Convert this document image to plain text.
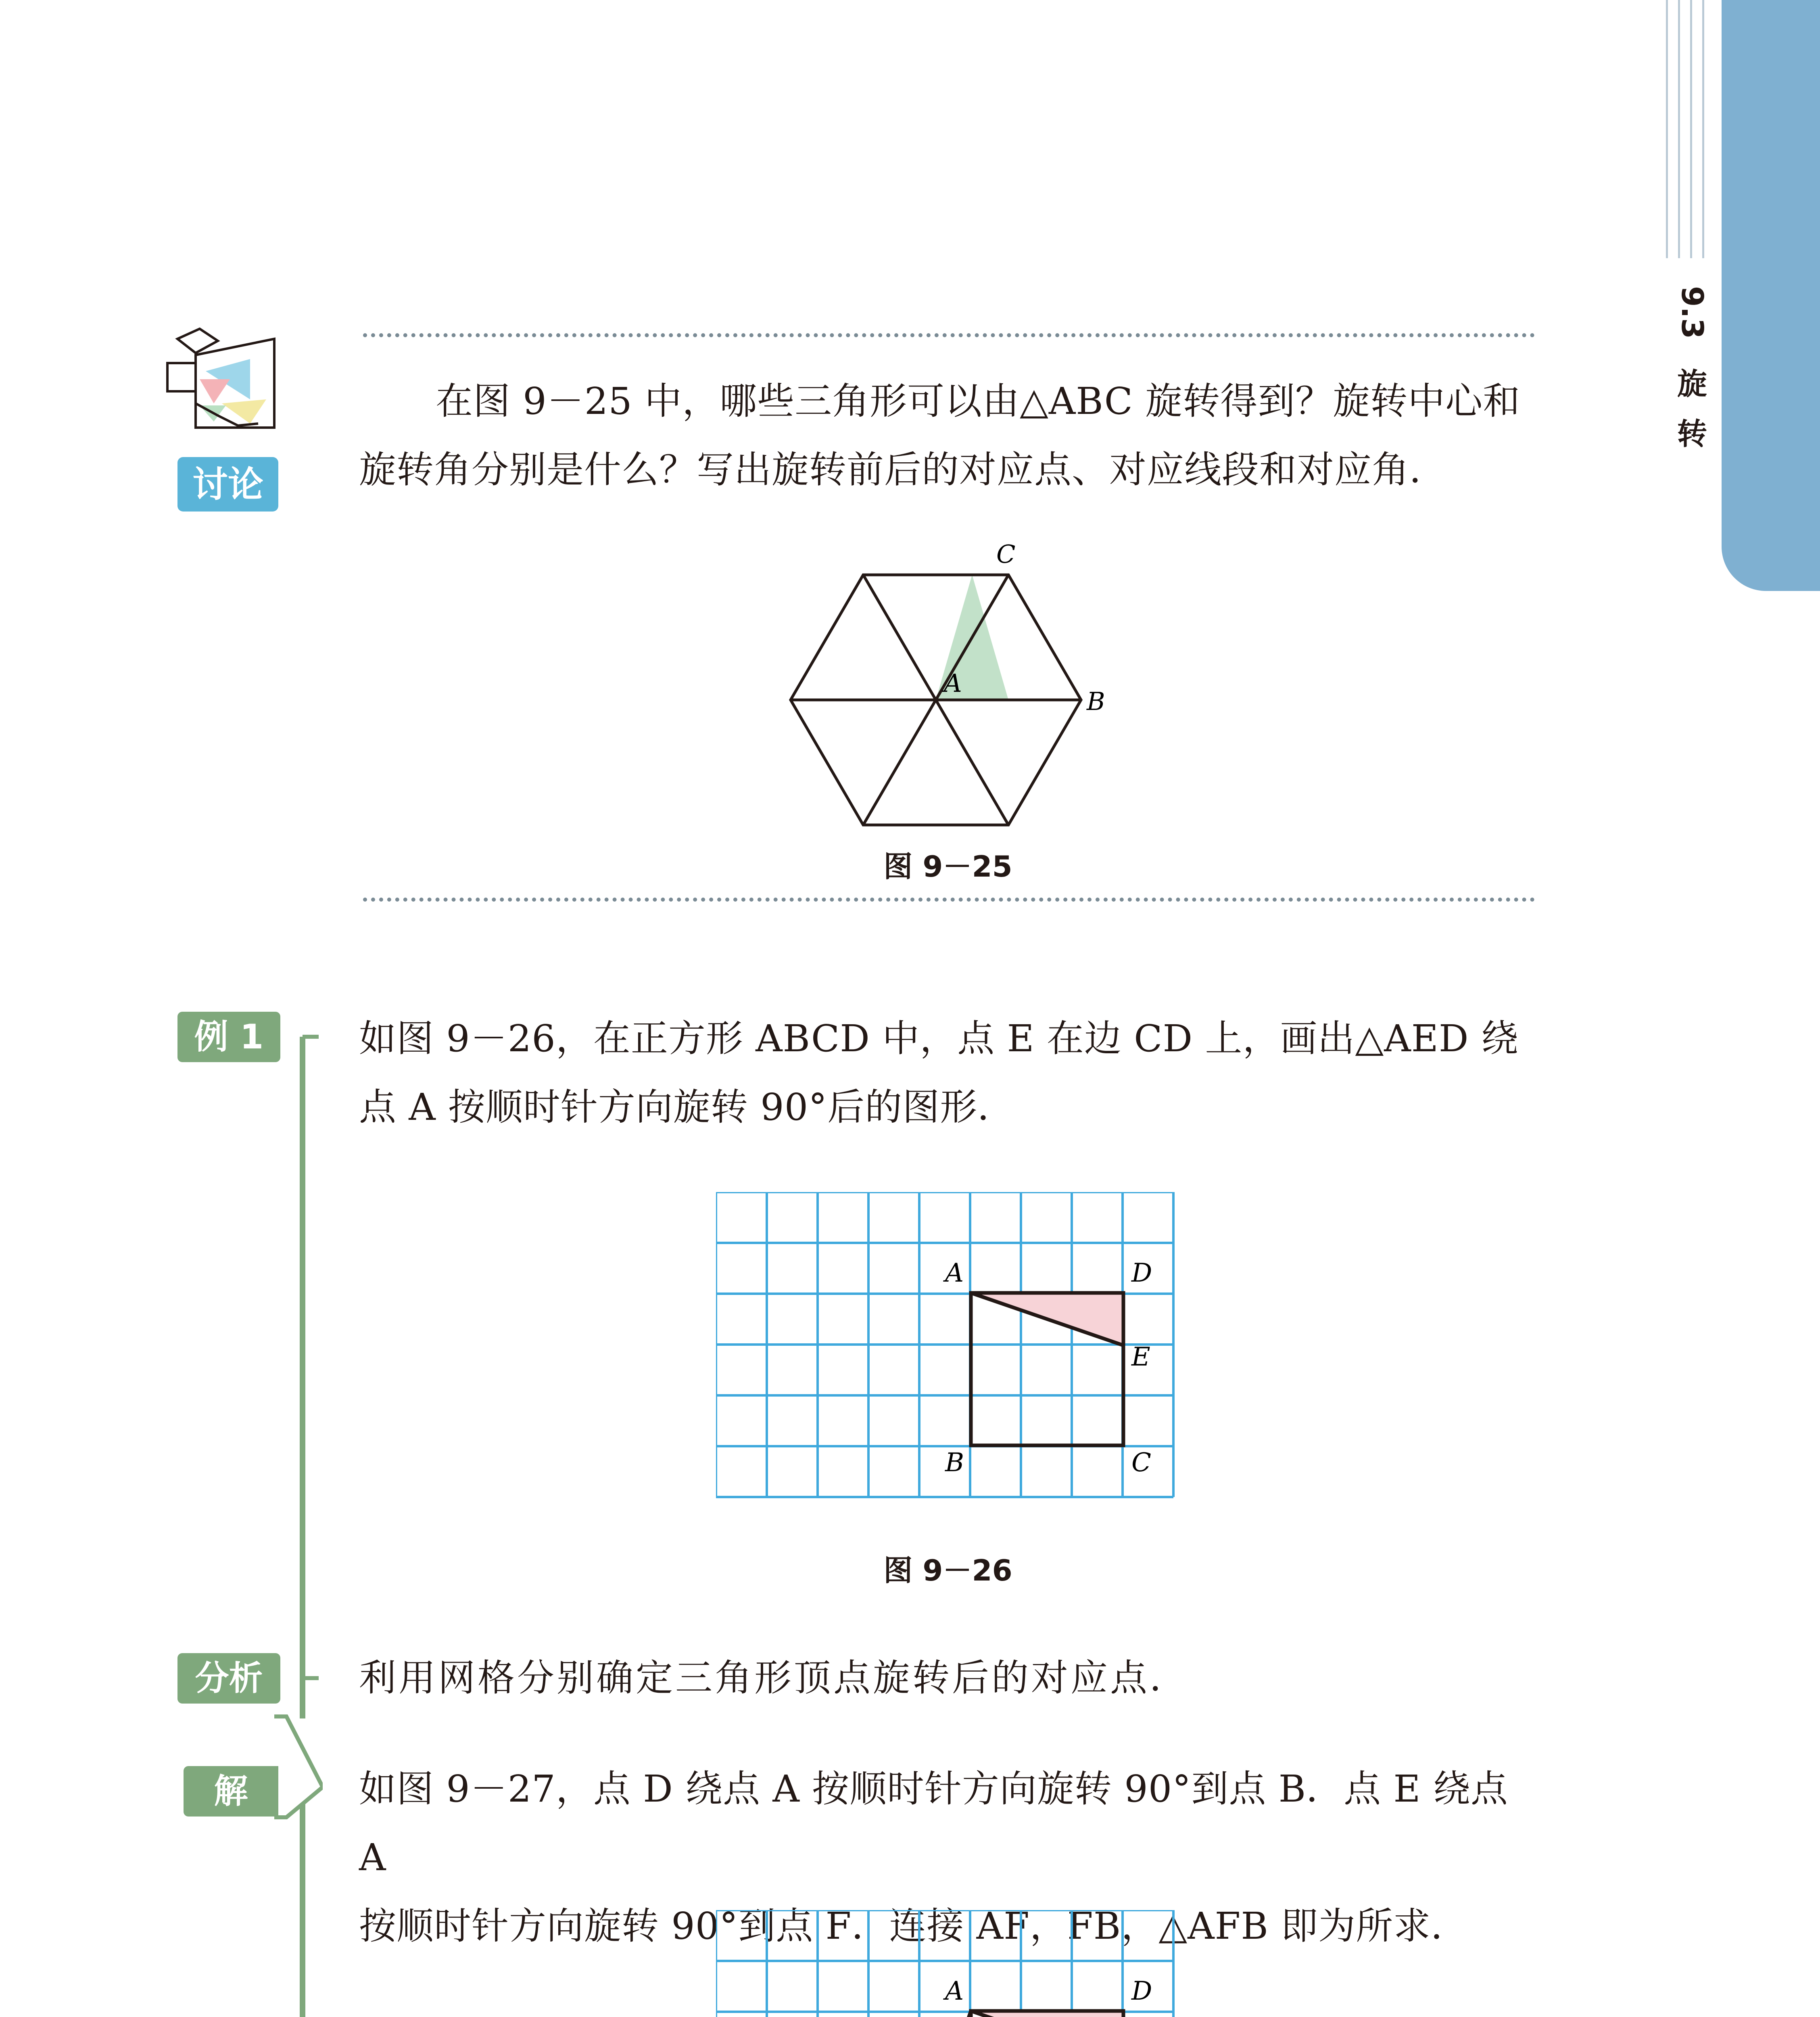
9.3
旋
转
讨论

在图 9－25 中，哪些三角形可以由△ABC 旋转得到？旋转中心和
旋转角分别是什么？写出旋转前后的对应点、对应线段和对应角．

A
B
C
图 9－25
例 1	如图 9－26，在正方形 ABCD 中，点 E 在边 CD 上，画出△AED 绕
点 A 按顺时针方向旋转 90°后的图形．

A	D
E
B	C
图 9－26
分析	利用网格分别确定三角形顶点旋转后的对应点．

解	如图 9－27，点 D 绕点 A 按顺时针方向旋转 90°到点 B．点 E 绕点 A
按顺时针方向旋转 90°到点 F．连接 AF，FB，△AFB 即为所求．

A	D
